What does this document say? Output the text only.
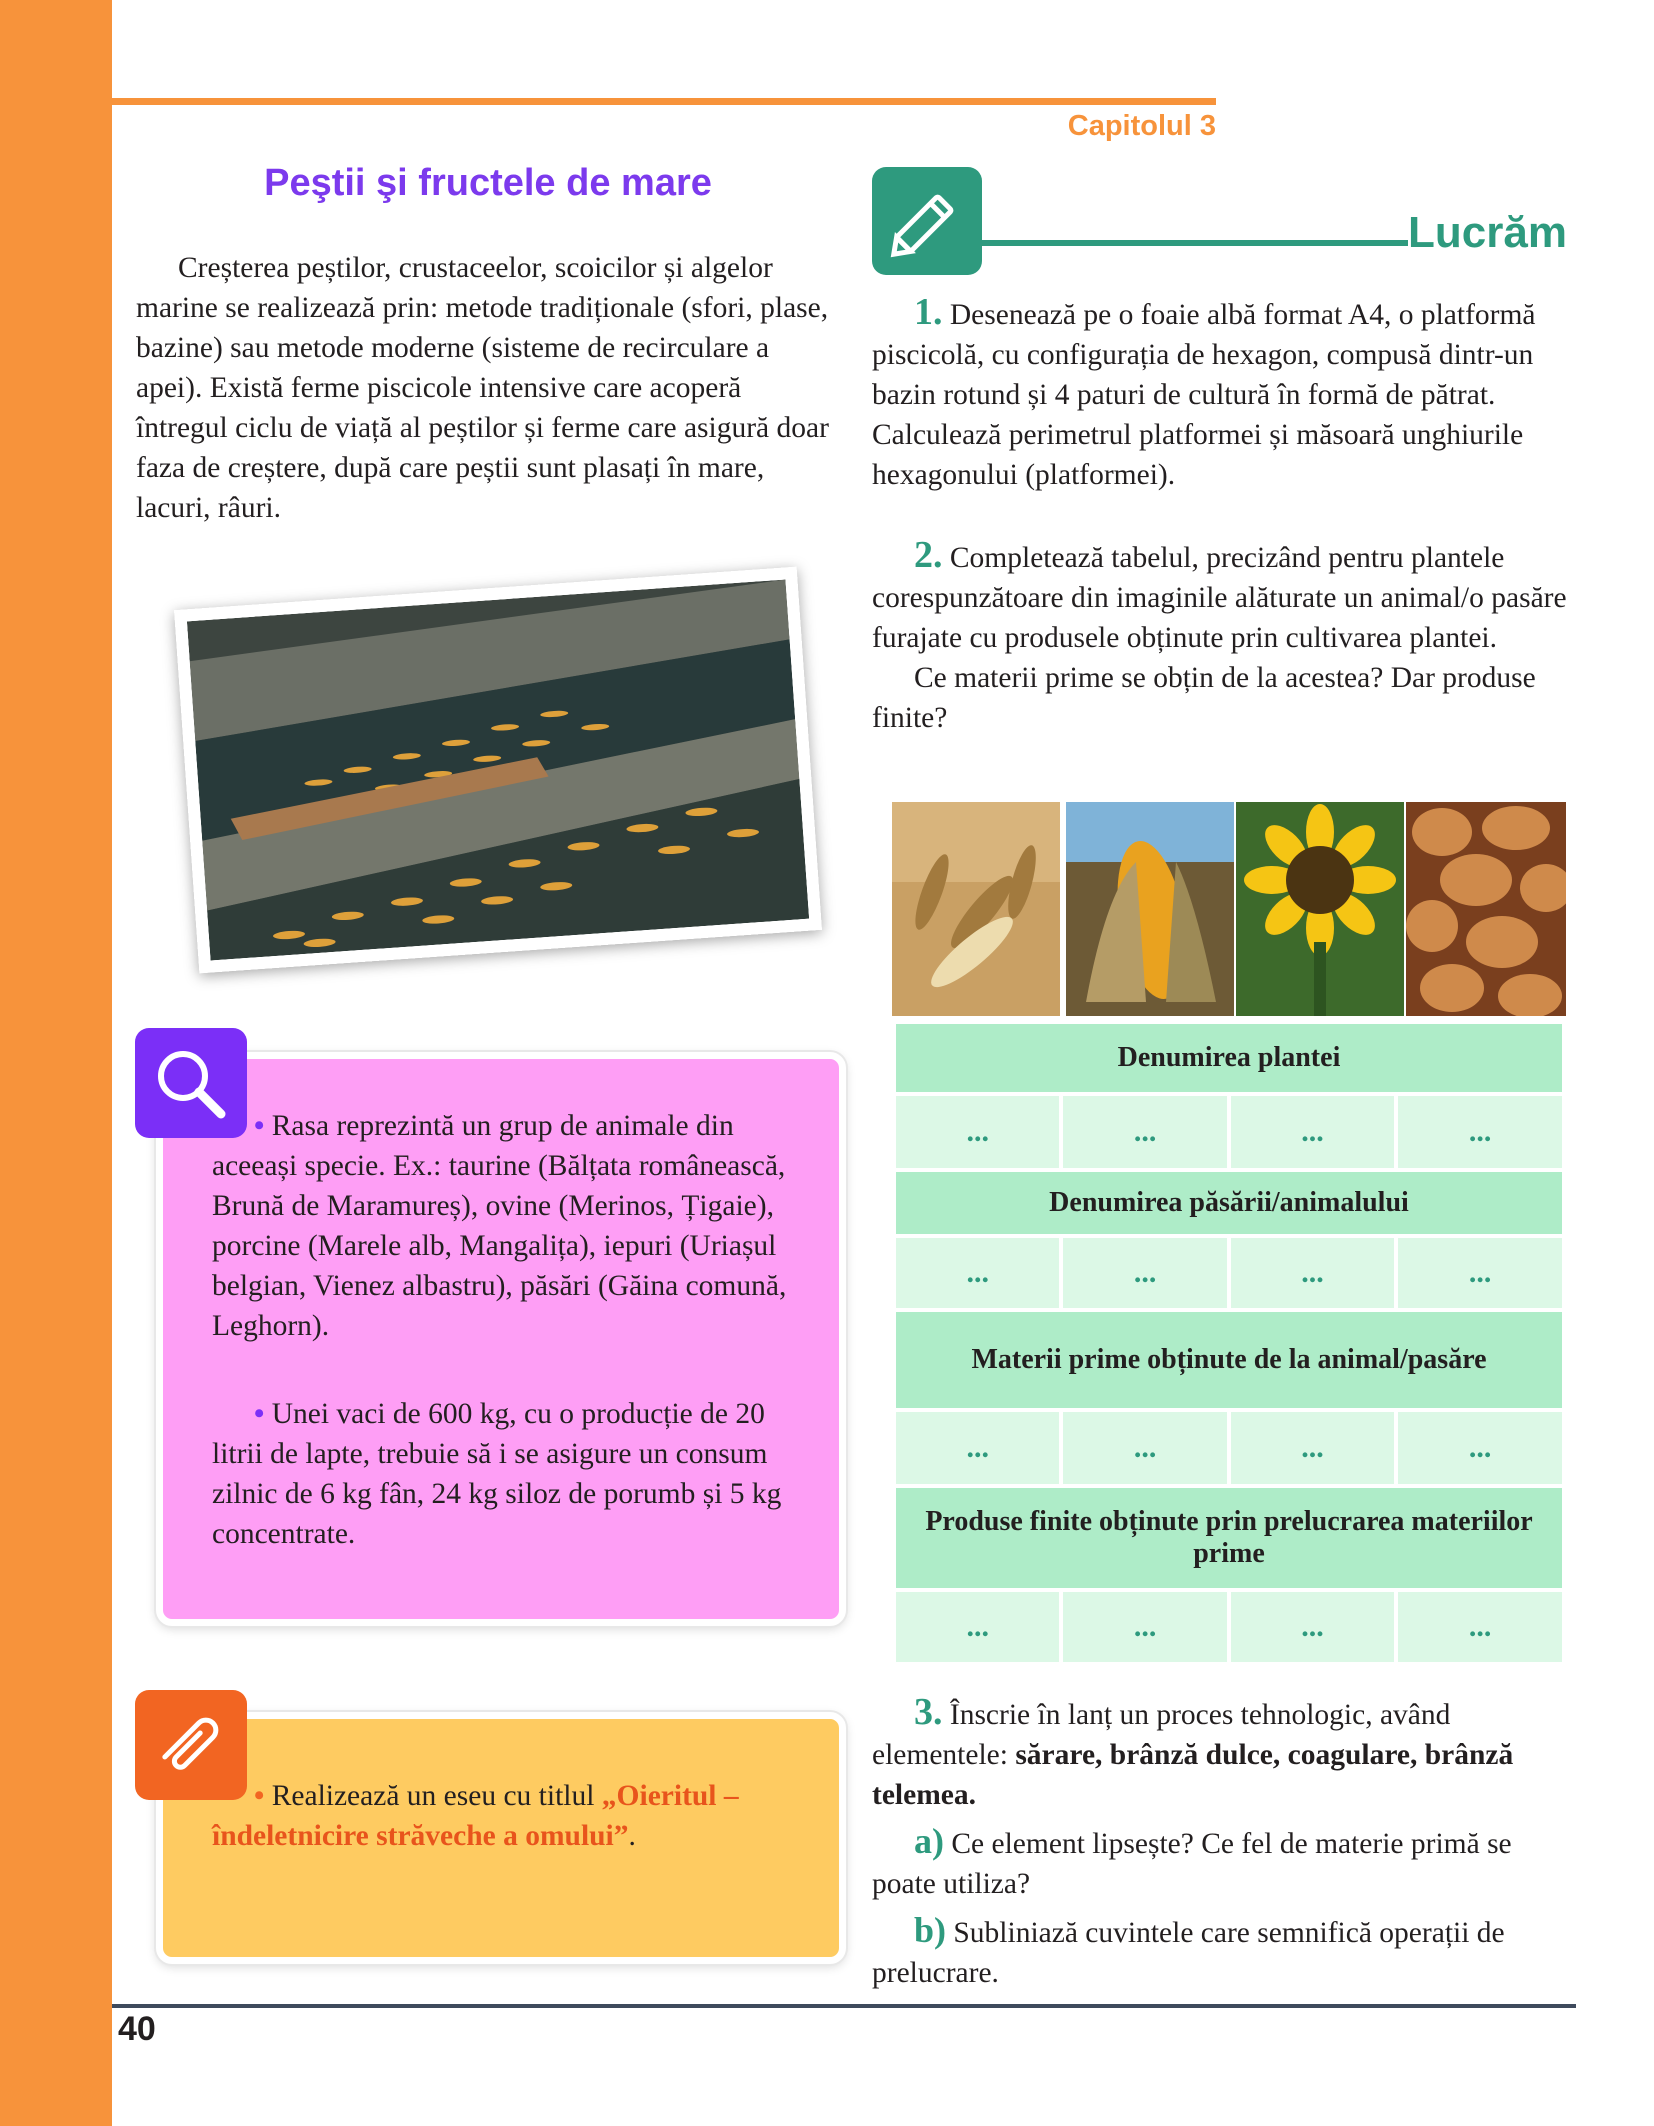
Capitolul 3
Peştii şi fructele de mare

Creșterea peștilor, crustaceelor, scoicilor și algelor marine se realizează prin: metode tradiționale (sfori, plase, bazine) sau metode moderne (sisteme de recirculare a apei). Există ferme piscicole intensive care acoperă întregul ciclu de viață al peștilor și ferme care asigură doar faza de creștere, după care peștii sunt plasați în mare, lacuri, râuri.

Lucrăm

1. Desenează pe o foaie albă format A4, o platformă piscicolă, cu configurația de hexagon, compusă dintr-un bazin rotund și 4 paturi de cultură în formă de pătrat. Calculează perimetrul platformei și măsoară unghiurile hexagonului (platformei).

2. Completează tabelul, precizând pentru plantele corespunzătoare din imaginile alăturate un animal/o pasăre furajate cu produsele obținute prin cultivarea plantei.

Ce materii prime se obțin de la acestea? Dar produse finite?

Denumirea plantei			
...	...	...	...
Denumirea păsării/animalului			
...	...	...	...
Materii prime obținute de la animal/pasăre			
...	...	...	...
Produse finite obținute prin prelucrarea materiilor prime			
...	...	...	...

• Rasa reprezintă un grup de animale din aceeași specie. Ex.: taurine (Bălțata românească, Brună de Maramureș), ovine (Merinos, Țigaie), porcine (Marele alb, Mangalița), iepuri (Uriașul belgian, Vienez albastru), păsări (Găina comună, Leghorn).

• Unei vaci de 600 kg, cu o producție de 20 litrii de lapte, trebuie să i se asigure un consum zilnic de 6 kg fân, 24 kg siloz de porumb și 5 kg concentrate.

• Realizează un eseu cu titlul „Oieritul – îndeletnicire străveche a omului”.

3. Înscrie în lanț un proces tehnologic, având elementele: sărare, brânză dulce, coagulare, brânză telemea.

a) Ce element lipsește? Ce fel de materie primă se poate utiliza?

b) Subliniază cuvintele care semnifică operații de prelucrare.

40
